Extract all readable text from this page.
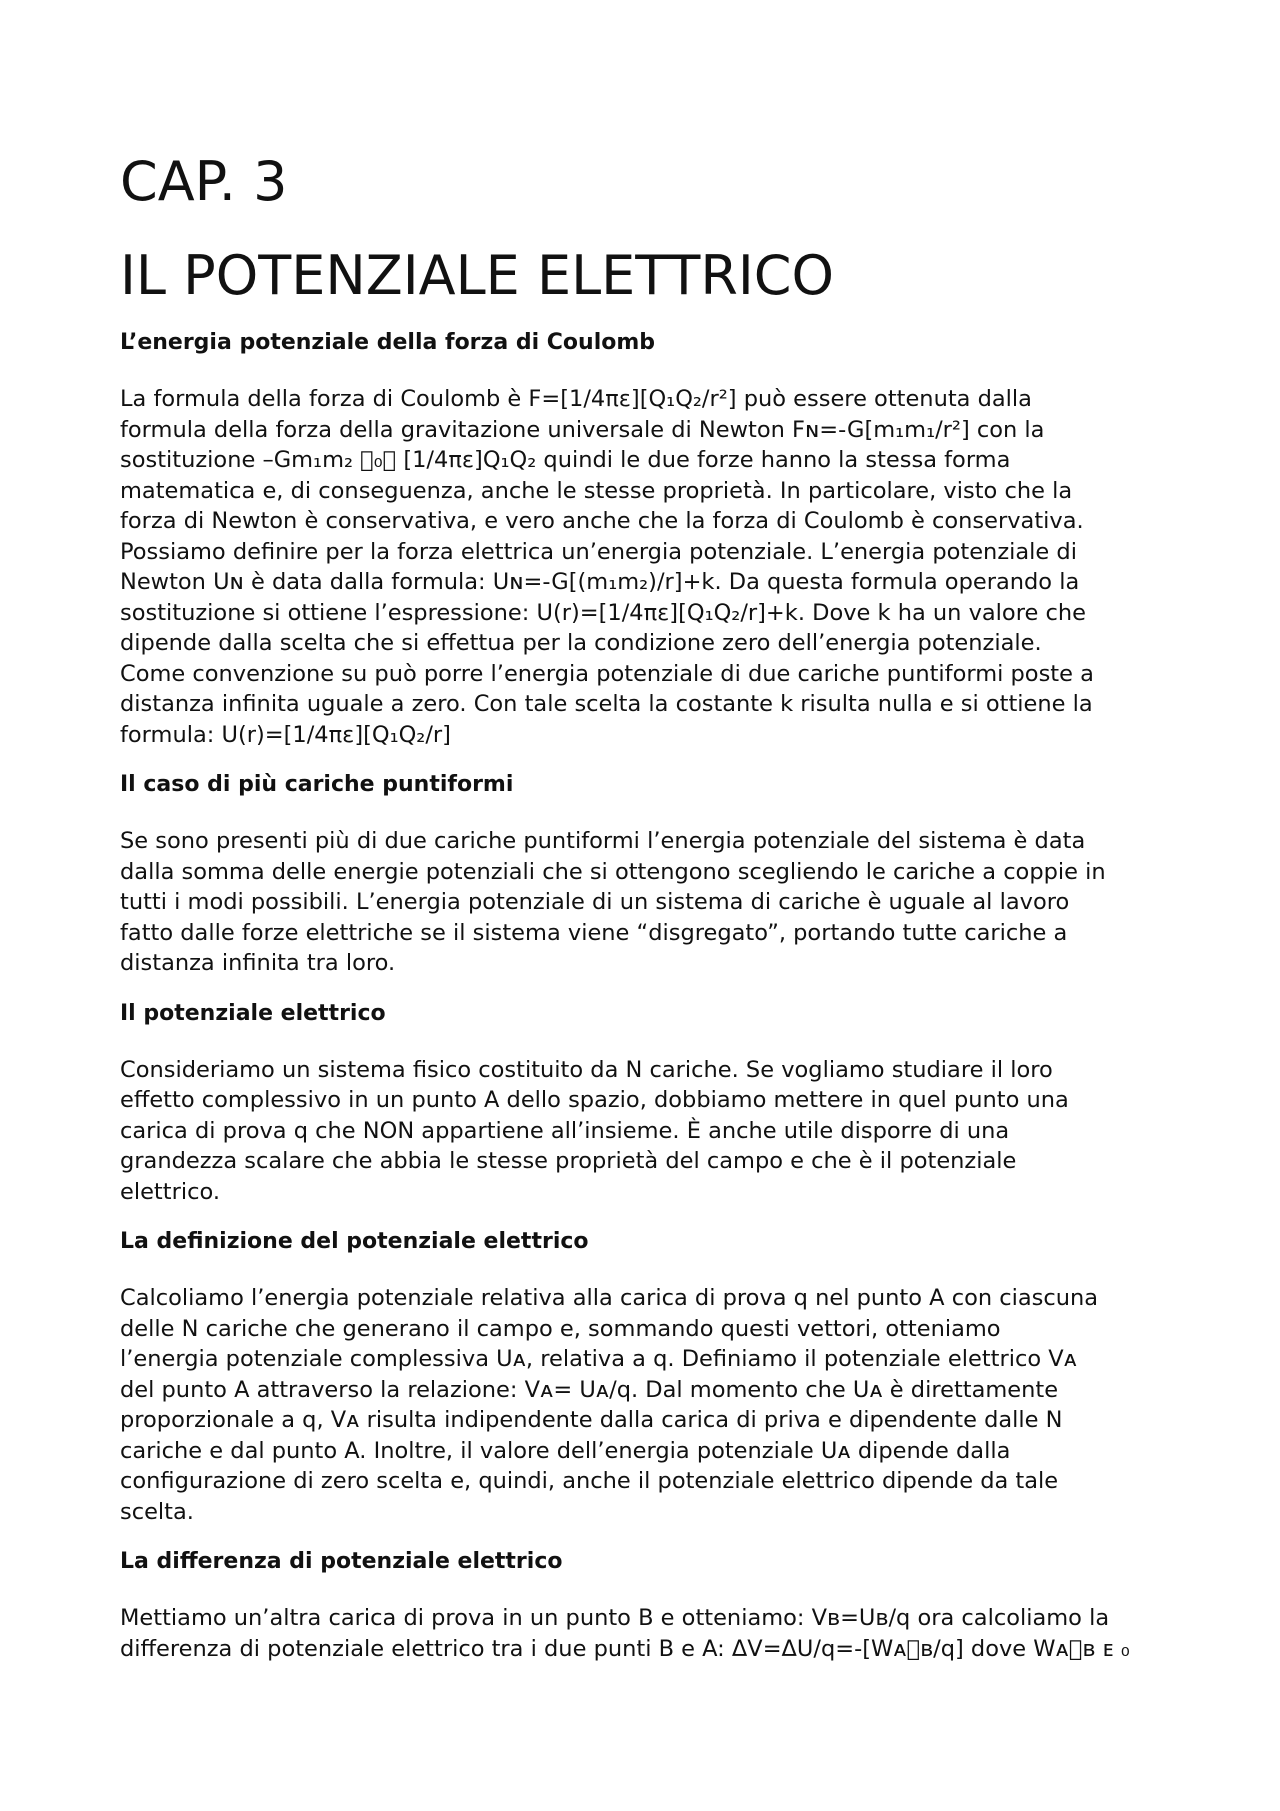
CAP. 3
IL POTENZIALE ELETTRICO
L’energia potenziale della forza di Coulomb

La formula della forza di Coulomb è F=[1/4πε][Q₁Q₂/r²] può essere ottenuta dalla
formula della forza della gravitazione universale di Newton Fɴ=-G[m₁m₁/r²] con la
sostituzione –Gm₁m₂ ⃞₀⃞ [1/4πε]Q₁Q₂ quindi le due forze hanno la stessa forma
matematica e, di conseguenza, anche le stesse proprietà. In particolare, visto che la
forza di Newton è conservativa, e vero anche che la forza di Coulomb è conservativa.
Possiamo definire per la forza elettrica un’energia potenziale. L’energia potenziale di
Newton Uɴ è data dalla formula: Uɴ=-G[(m₁m₂)/r]+k. Da questa formula operando la
sostituzione si ottiene l’espressione: U(r)=[1/4πε][Q₁Q₂/r]+k. Dove k ha un valore che
dipende dalla scelta che si effettua per la condizione zero dell’energia potenziale.
Come convenzione su può porre l’energia potenziale di due cariche puntiformi poste a
distanza infinita uguale a zero. Con tale scelta la costante k risulta nulla e si ottiene la
formula: U(r)=[1/4πε][Q₁Q₂/r]

Il caso di più cariche puntiformi

Se sono presenti più di due cariche puntiformi l’energia potenziale del sistema è data
dalla somma delle energie potenziali che si ottengono scegliendo le cariche a coppie in
tutti i modi possibili. L’energia potenziale di un sistema di cariche è uguale al lavoro
fatto dalle forze elettriche se il sistema viene “disgregato”, portando tutte cariche a
distanza infinita tra loro.

Il potenziale elettrico

Consideriamo un sistema fisico costituito da N cariche. Se vogliamo studiare il loro
effetto complessivo in un punto A dello spazio, dobbiamo mettere in quel punto una
carica di prova q che NON appartiene all’insieme. È anche utile disporre di una
grandezza scalare che abbia le stesse proprietà del campo e che è il potenziale
elettrico.

La definizione del potenziale elettrico

Calcoliamo l’energia potenziale relativa alla carica di prova q nel punto A con ciascuna
delle N cariche che generano il campo e, sommando questi vettori, otteniamo
l’energia potenziale complessiva Uᴀ, relativa a q. Definiamo il potenziale elettrico Vᴀ
del punto A attraverso la relazione: Vᴀ= Uᴀ/q. Dal momento che Uᴀ è direttamente
proporzionale a q, Vᴀ risulta indipendente dalla carica di priva e dipendente dalle N
cariche e dal punto A. Inoltre, il valore dell’energia potenziale Uᴀ dipende dalla
configurazione di zero scelta e, quindi, anche il potenziale elettrico dipende da tale
scelta.

La differenza di potenziale elettrico

Mettiamo un’altra carica di prova in un punto B e otteniamo: Vʙ=Uʙ/q ora calcoliamo la
differenza di potenziale elettrico tra i due punti B e A: ΔV=ΔU/q=-[Wᴀ⃞ʙ/q] dove Wᴀ⃞ʙ ᴇ ₀
